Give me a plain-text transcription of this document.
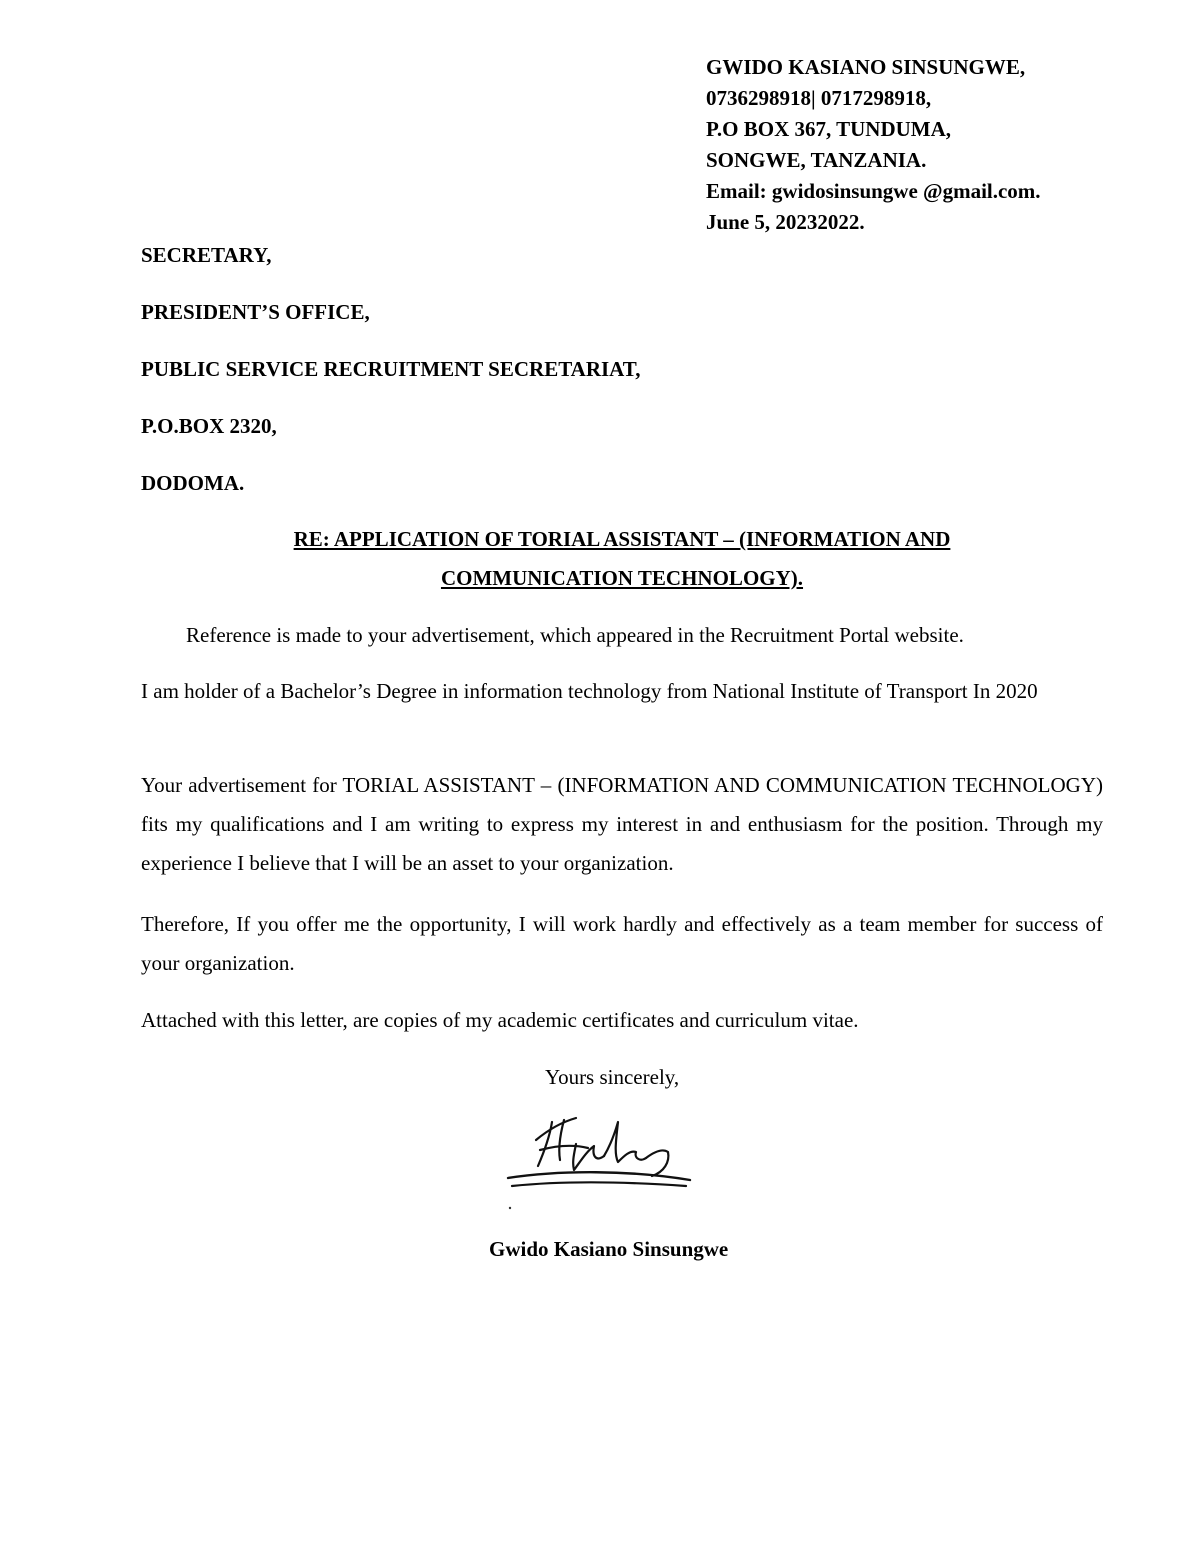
GWIDO KASIANO SINSUNGWE,
0736298918| 0717298918,
P.O BOX 367, TUNDUMA,
SONGWE, TANZANIA.
Email: gwidosinsungwe @gmail.com.
June 5, 20232022.
SECRETARY,
PRESIDENT’S OFFICE,
PUBLIC SERVICE RECRUITMENT SECRETARIAT,
P.O.BOX 2320,
DODOMA.
RE: APPLICATION OF TORIAL ASSISTANT – (INFORMATION AND
COMMUNICATION TECHNOLOGY).
Reference is made to your advertisement, which appeared in the Recruitment Portal website.
I am holder of a Bachelor’s Degree in information technology from National Institute of Transport In 2020
Your advertisement for TORIAL ASSISTANT – (INFORMATION AND COMMUNICATION TECHNOLOGY) fits my qualifications and I am writing to express my interest in and enthusiasm for the position. Through my experience I believe that I will be an asset to your organization.
Therefore, If you offer me the opportunity, I will work hardly and effectively as a team member for success of your organization.
Attached with this letter, are copies of my academic certificates and curriculum vitae.
Yours sincerely,
Gwido Kasiano Sinsungwe
